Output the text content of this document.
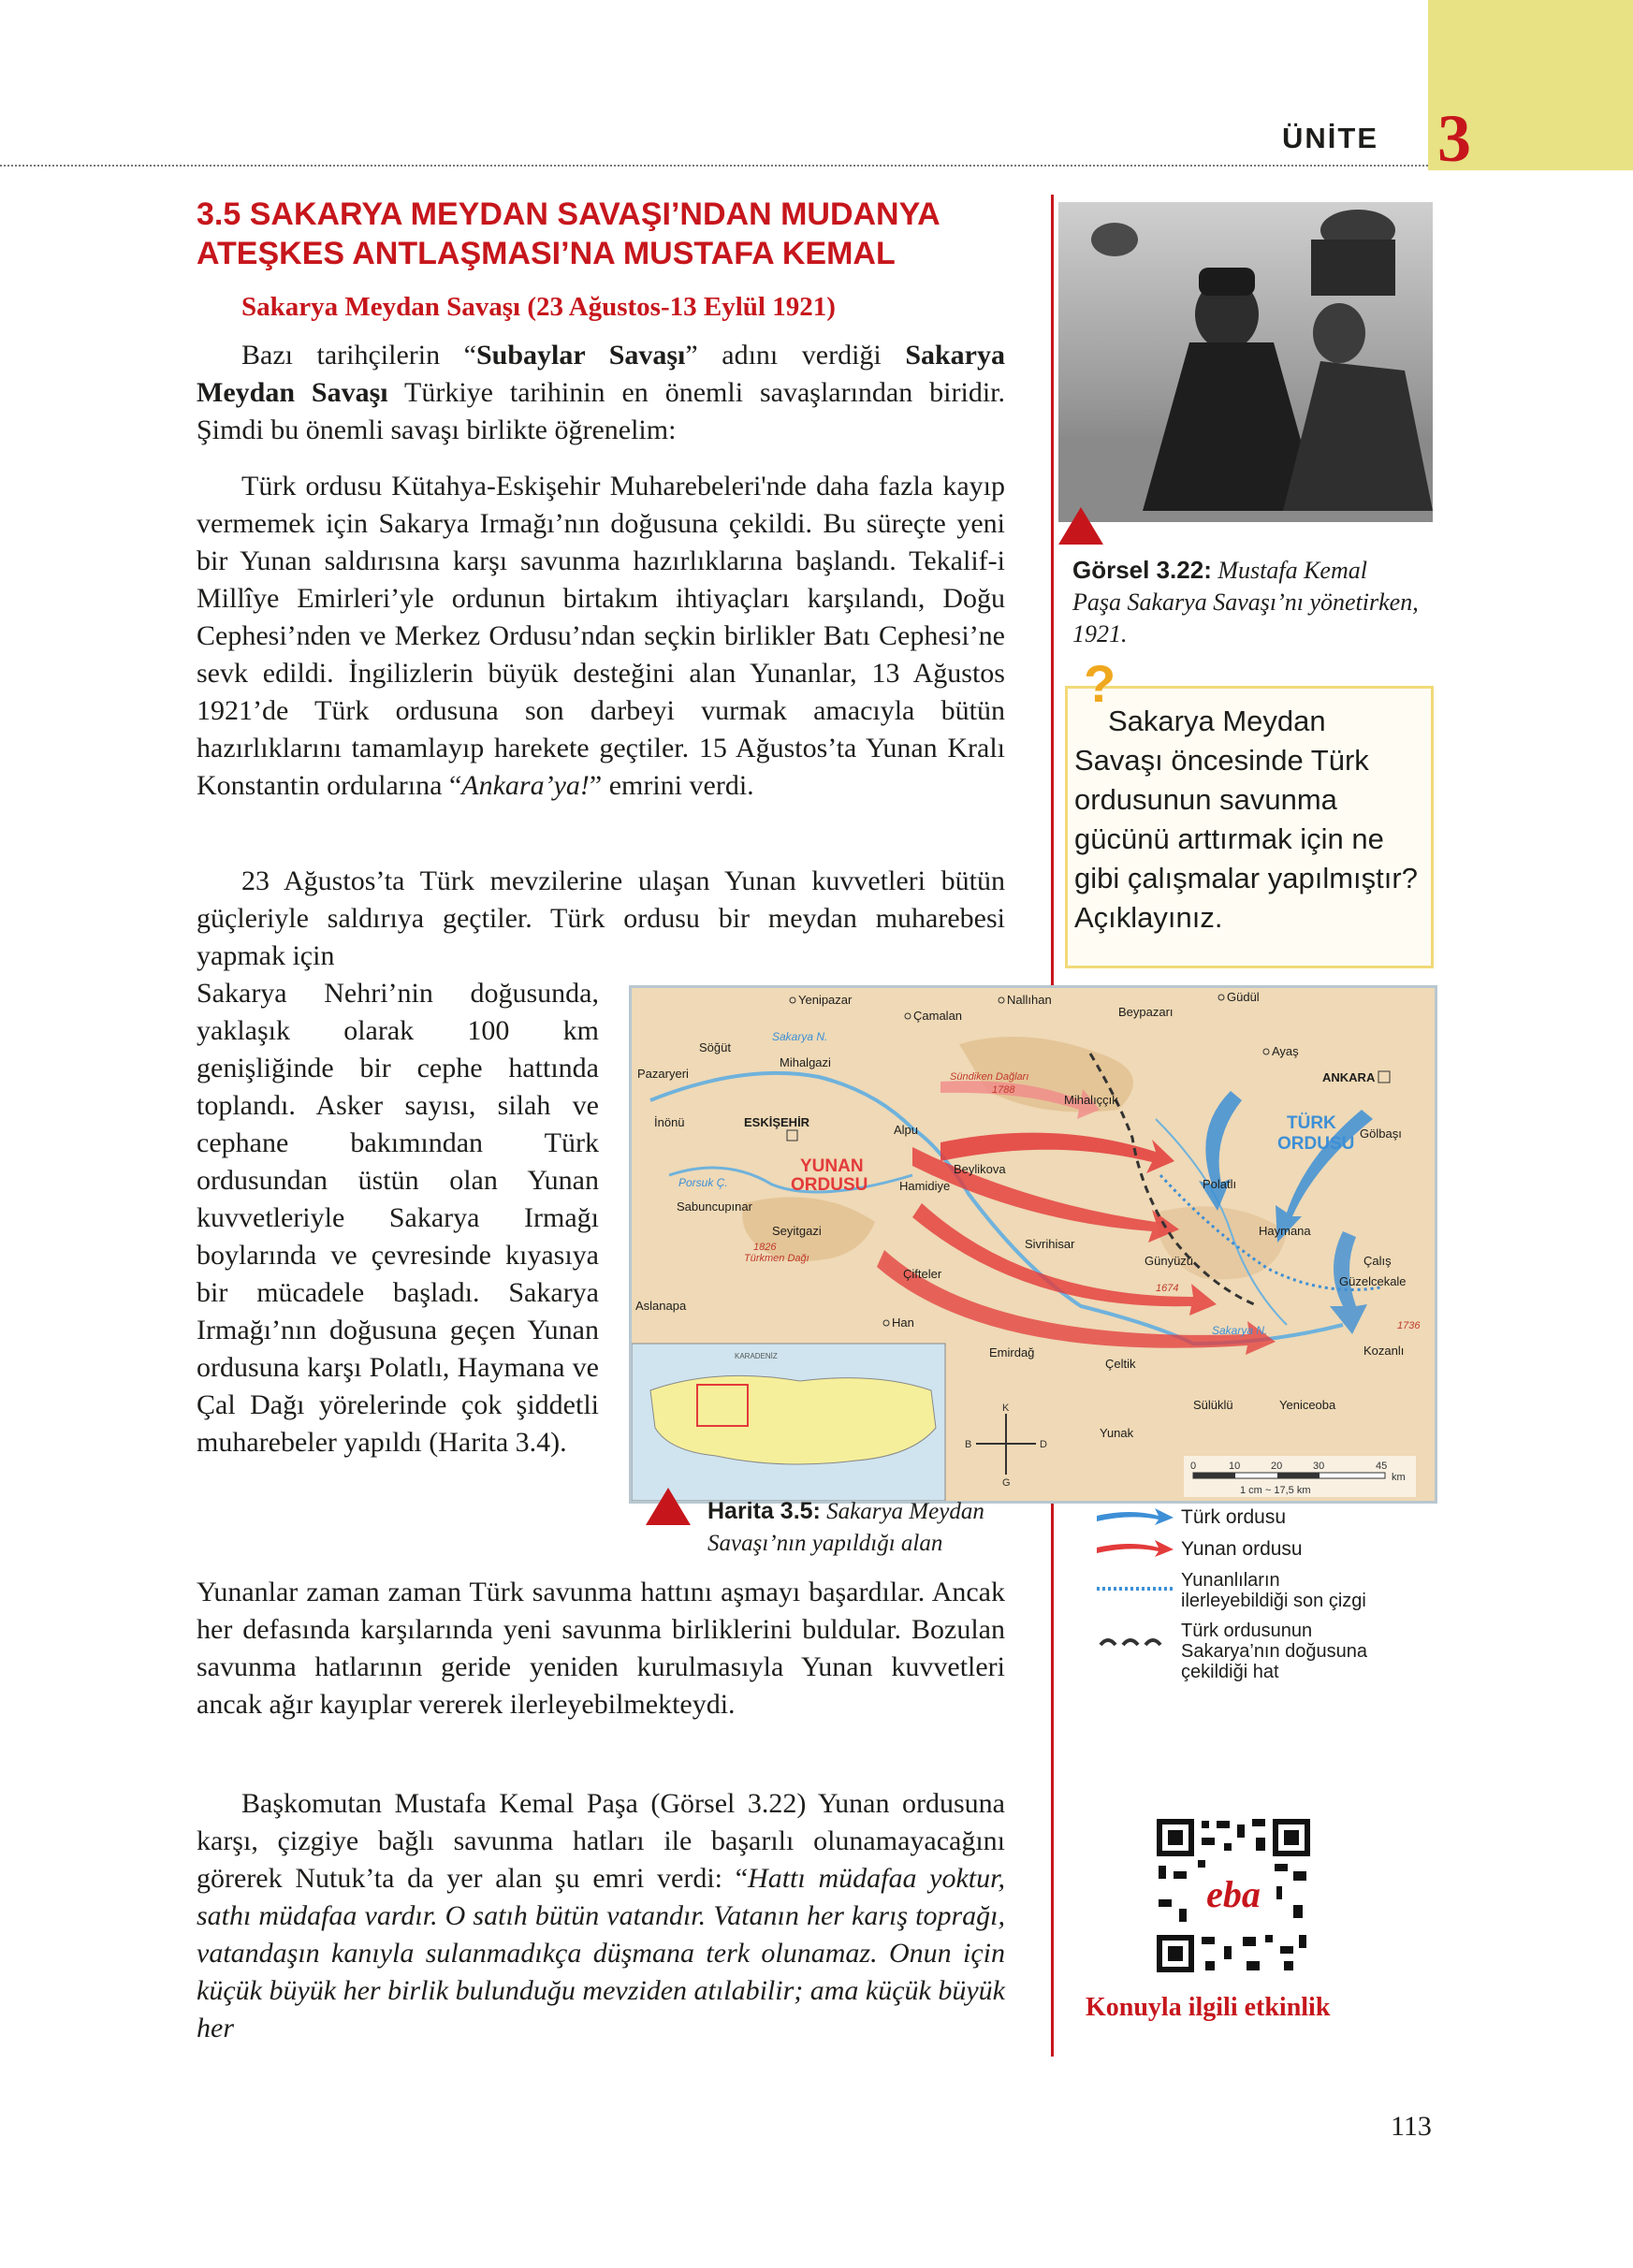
ÜNİTE 3
3.5 SAKARYA MEYDAN SAVAŞI’NDAN MUDANYA
ATEŞKES ANTLAŞMASI’NA MUSTAFA KEMAL
Sakarya Meydan Savaşı (23 Ağustos-13 Eylül 1921)
Bazı tarihçilerin “Subaylar Savaşı” adını verdiği Sakarya Meydan Savaşı Türkiye tarihinin en önemli savaşlarından biridir. Şimdi bu önemli savaşı birlikte öğrenelim:
Türk ordusu Kütahya-Eskişehir Muharebeleri'nde daha fazla kayıp vermemek için Sakarya Irmağı’nın doğusuna çekildi. Bu süreçte yeni bir Yunan saldırısına karşı savunma hazırlıklarına başlandı. Tekalif-i Millîye Emirleri’yle ordunun birtakım ihtiyaçları karşılandı, Doğu Cephesi’nden ve Merkez Ordusu’ndan seçkin birlikler Batı Cephesi’ne sevk edildi. İngilizlerin büyük desteğini alan Yunanlar, 13 Ağustos 1921’de Türk ordusuna son darbeyi vurmak amacıyla bütün hazırlıklarını tamamlayıp harekete geçtiler. 15 Ağustos’ta Yunan Kralı Konstantin ordularına “Ankara’ya!” emrini verdi.
23 Ağustos’ta Türk mevzilerine ulaşan Yunan kuvvetleri bütün güçleriyle saldırıya geçtiler. Türk ordusu bir meydan muharebesi yapmak için
Sakarya Nehri’nin doğusunda, yaklaşık olarak 100 km genişliğinde bir cephe hattında toplandı. Asker sayısı, silah ve cephane bakımından Türk ordusundan üstün olan Yunan kuvvetleriyle Sakarya Irmağı boylarında ve çevresinde kıyasıya bir mücadele başladı. Sakarya Irmağı’nın doğusuna geçen Yunan ordusuna karşı Polatlı, Haymana ve Çal Dağı yörelerinde çok şiddetli muharebeler yapıldı (Harita 3.4).
Yunanlar zaman zaman Türk savunma hattını aşmayı başardılar. Ancak her defasında karşılarında yeni savunma birliklerini buldular. Bozulan savunma hatlarının geride yeniden kurulmasıyla Yunan kuvvetleri ancak ağır kayıplar vererek ilerleyebilmekteydi.
Başkomutan Mustafa Kemal Paşa (Görsel 3.22) Yunan ordusuna karşı, çizgiye bağlı savunma hatları ile başarılı olunamayacağını görerek Nutuk’ta da yer alan şu emri verdi: “Hattı müdafaa yoktur, sathı müdafaa vardır. O satıh bütün vatandır. Vatanın her karış toprağı, vatandaşın kanıyla sulanmadıkça düşmana terk olunamaz. Onun için küçük büyük her birlik bulunduğu mevziden atılabilir; ama küçük büyük her
Görsel 3.22: Mustafa Kemal Paşa Sakarya Savaşı’nı yönetirken, 1921.
?
Sakarya Meydan Savaşı öncesinde Türk ordusunun savunma gücünü arttırmak için ne gibi çalışmalar yapılmıştır? Açıklayınız.
Yenipazar	Nallıhan	Güdül
Çamalan	Beypazarı
Ayaş
Söğüt
Mihalgazi
Pazaryeri	ANKARA
İnönü	ESKİŞEHİR
Alpu
Mihalıççık
Gölbaşı
Beylikova
Hamidiye	Polatlı
Sabuncupınar
Seyitgazi	Haymana
Sivrihisar
Günyüzü
Çifteler
Çalış
Güzelcekale
Aslanapa
Han
Emirdağ
Çeltik
Kozanlı
Sülüklü	Yeniceoba
Yunak
YUNAN
ORDUSU
TÜRK
ORDUSU
Sündiken Dağları
1788
Türkmen Dağı
1826
1674
1736
Sakarya N.
Sakarya N.
Porsuk Ç.
KARADENİZ
K
G
B	D
0	10	20	30	45
km
1 cm ~ 17,5 km
Harita 3.5: Sakarya Meydan Savaşı’nın yapıldığı alan
Türk ordusu
Yunan ordusu
Yunanlıların
ilerleyebildiği son çizgi
Türk ordusunun
Sakarya’nın doğusuna
çekildiği hat
eba
Konuyla ilgili etkinlik
113
